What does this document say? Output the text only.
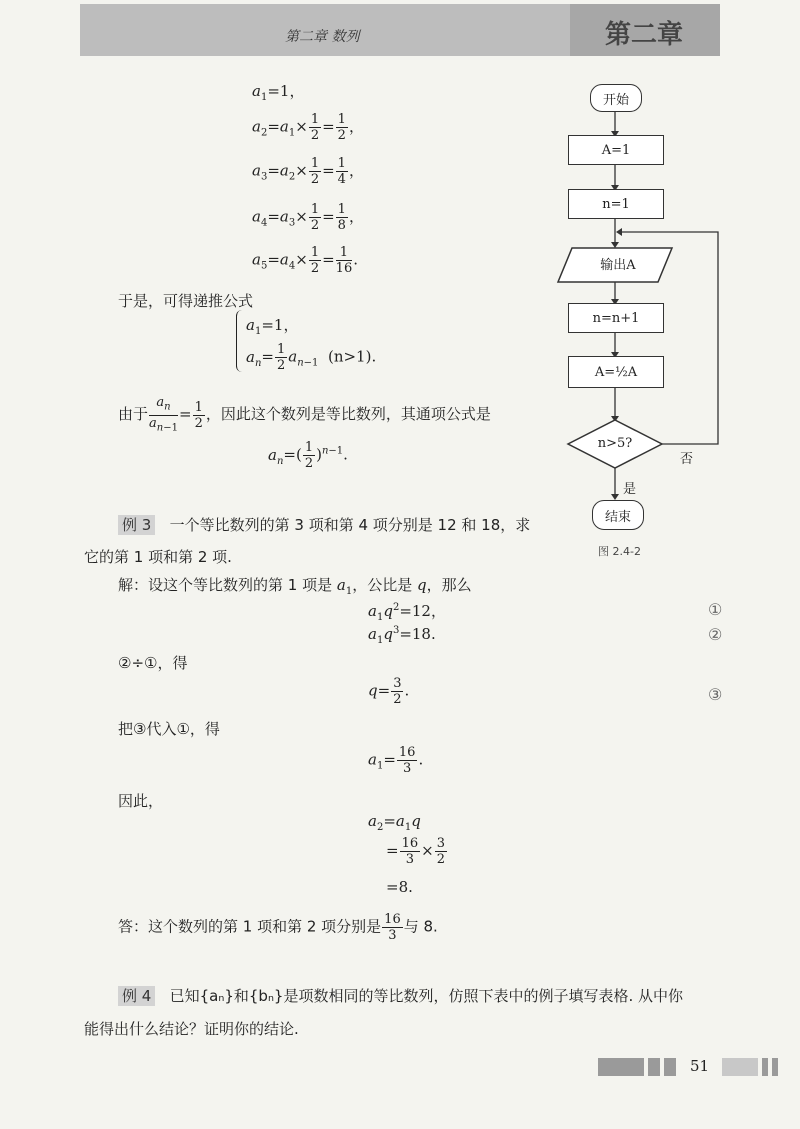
第二章 数列	第二章
$a_1=1$，
$a_2=a_1\times \frac{1}{2} = \frac{1}{2}$ ，
$a_3=a_2\times \frac{1}{2} = \frac{1}{4}$ ，
$a_4=a_3\times \frac{1}{2} = \frac{1}{8}$ ，
$a_5=a_4\times \frac{1}{2} = \frac{1}{16}$ .
于是，可得递推公式
$a_1=1$，
$a_n= \frac{1}{2} a_{n-1}$ (n>1).
由于 $\frac{a_n}{a_{n-1}} = \frac{1}{2}$ ，因此这个数列是等比数列，其通项公式是
$a_n=( \frac{1}{2} )^{n-1}$.
例 3 一个等比数列的第 3 项和第 4 项分别是 12 和 18，求
它的第 1 项和第 2 项.
解：设这个等比数列的第 1 项是 $a_1$，公比是 q，那么
$a_1q^2=12$，	①
$a_1q^3=18$.	②
②÷①，得
$q= \frac{3}{2}$ .	③
把③代入①，得
$a_1= \frac{16}{3}$ .
因此，
$a_2=a_1q$
= $\frac{16}{3} \times \frac{3}{2}$
=8.
答：这个数列的第 1 项和第 2 项分别是 $\frac{16}{3}$ 与 8.
例 4 已知{aₙ}和{bₙ}是项数相同的等比数列，仿照下表中的例子填写表格. 从中你
能得出什么结论？证明你的结论.
51
开始
A=1
n=1
输出A
n=n+1
A=½A
n>5?
否
是
结束
图 2.4-2
